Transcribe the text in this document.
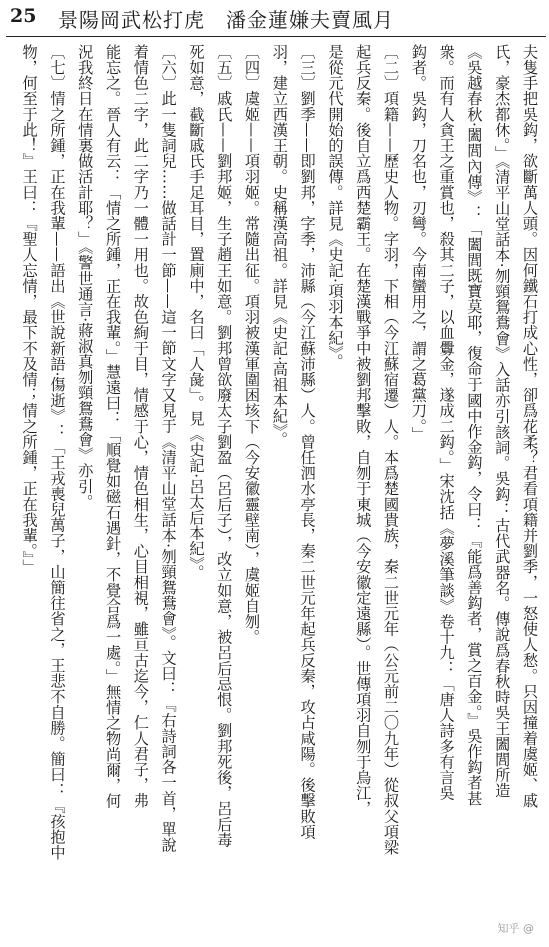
25 景陽岡武松打虎　潘金蓮嫌夫賣風月
夫隻手把吳鈎，欲斷萬人頭。因何鐵石打成心性，卻爲花柔？君看項籍并劉季，一怒使人愁。只因撞着虞姬、戚
氏，豪杰都休。」《清平山堂話本·刎頸鴛鴦會》入話亦引該詞。吳鈎：古代武器名。傳說爲春秋時吳王闔閭所造
《吳越春秋·闔閭內傳》：「闔閭既寶莫耶，復命于國中作金鈎，令曰：『能爲善鈎者，賞之百金。』吳作鈎者甚
衆。而有人貪王之重賞也，殺其二子，以血釁金，遂成二鈎。」宋沈括《夢溪筆談》卷十九：「唐人詩多有言吳
鈎者。吳鈎，刀名也，刃彎。今南蠻用之，謂之葛黨刀。」
〔二〕項籍——歷史人物。字羽，下相（今江蘇宿遷）人。本爲楚國貴族，秦二世元年（公元前二〇九年）從叔父項梁
起兵反秦。後自立爲西楚霸王。在楚漢戰爭中被劉邦擊敗，自刎于東城（今安徽定遠縣）。世傳項羽自刎于烏江，
是從元代開始的誤傳。詳見《史記·項羽本紀》。
〔三〕劉季——即劉邦，字季，沛縣（今江蘇沛縣）人。曾任泗水亭長，秦二世元年起兵反秦，攻占咸陽。後擊敗項
羽，建立西漢王朝。史稱漢高祖。詳見《史記·高祖本紀》。
〔四〕虞姬——項羽姬。常隨出征。項羽被漢軍圍困垓下（今安徽靈壁南），虞姬自刎。
〔五〕戚氏——劉邦姬，生子趙王如意。劉邦曾欲廢太子劉盈（呂后子），改立如意，被呂后忌恨。劉邦死後，呂后毒
死如意，截斷戚氏手足耳目，置廁中，名曰「人彘」。見《史記·呂太后本紀》。
〔六〕此一隻詞兒……做話計一節——這一節文字又見于《清平山堂話本·刎頸鴛鴦會》。文曰：『右詩詞各一首，單說
着情色二字，此二字乃一體一用也。故色絢于目，情感于心，情色相生，心目相視，雖亘古迄今，仁人君子，弗
能忘之。晉人有云：「情之所鍾，正在我輩。」慧遠曰：「順覺如磁石遇針，不覺合爲一處。」無情之物尚爾，何
況我終日在情裏做活計耶？」《警世通言·蔣淑真刎頸鴛鴦會》亦引。
〔七〕情之所鍾，正在我輩——語出《世說新語·傷逝》：「王戎喪兒萬子，山簡往省之，王悲不自勝。簡曰：『孩抱中
物，何至于此！』王曰：『聖人忘情，最下不及情；情之所鍾，正在我輩。』」
知乎 @
